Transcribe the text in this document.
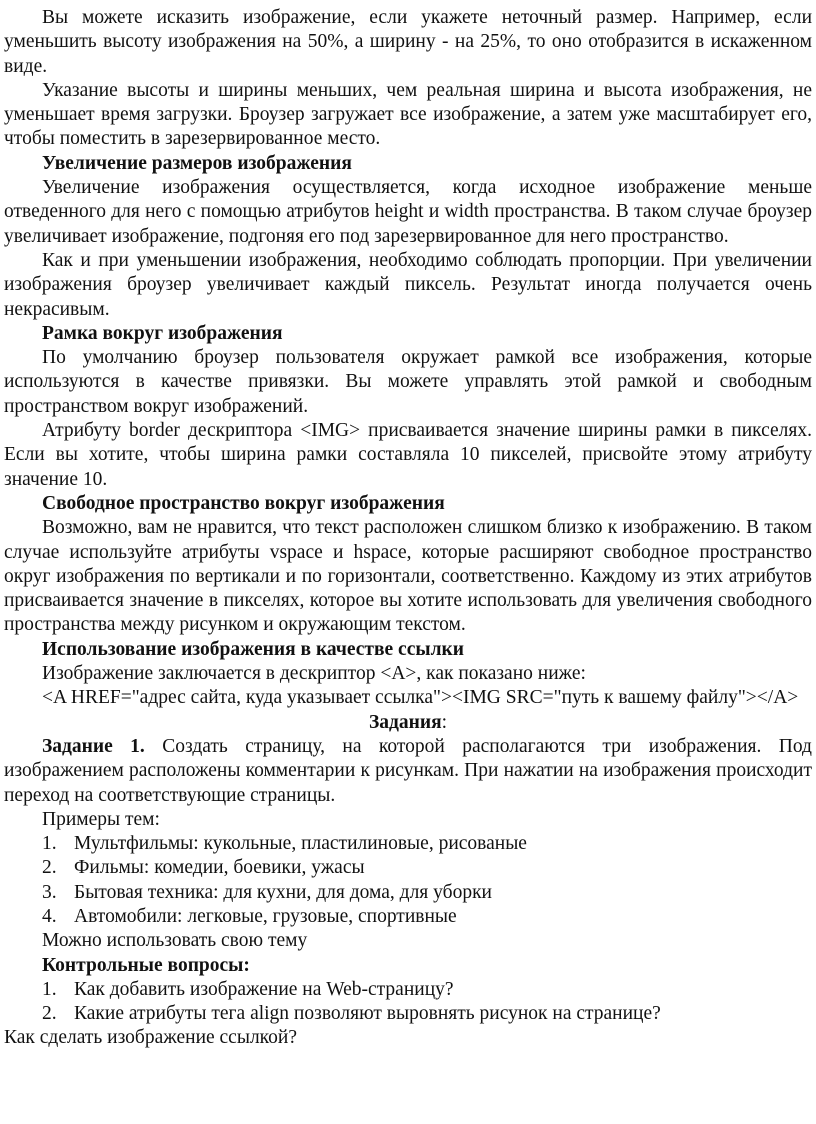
Вы можете исказить изображение, если укажете неточный размер. Например, если уменьшить высоту изображения на 50%, а ширину - на 25%, то оно отобразится в искаженном виде.

Указание высоты и ширины меньших, чем реальная ширина и высота изображения, не уменьшает время загрузки. Броузер загружает все изображение, а затем уже масштабирует его, чтобы поместить в зарезервированное место.

Увеличение размеров изображения

Увеличение изображения осуществляется, когда исходное изображение меньше отведенного для него с помощью атрибутов height и width пространства. В таком случае броузер увеличивает изображение, подгоняя его под зарезервированное для него пространство.

Как и при уменьшении изображения, необходимо соблюдать пропорции. При увеличении изображения броузер увеличивает каждый пиксель. Результат иногда получается очень некрасивым.

Рамка вокруг изображения

По умолчанию броузер пользователя окружает рамкой все изображения, которые используются в качестве привязки. Вы можете управлять этой рамкой и свободным пространством вокруг изображений.

Атрибуту border дескриптора <IMG> присваивается значение ширины рамки в пикселях. Если вы хотите, чтобы ширина рамки составляла 10 пикселей, присвойте этому атрибуту значение 10.

Свободное пространство вокруг изображения

Возможно, вам не нравится, что текст расположен слишком близко к изображению. В таком случае используйте атрибуты vspace и hspace, которые расширяют свободное пространство округ изображения по вертикали и по горизонтали, соответственно. Каждому из этих атрибутов присваивается значение в пикселях, которое вы хотите использовать для увеличения свободного пространства между рисунком и окружающим текстом.

Использование изображения в качестве ссылки

Изображение заключается в дескриптор <A>, как показано ниже:

<A HREF="адрес сайта, куда указывает ссылка"><IMG SRC="путь к вашему файлу"></A>

Задания:

Задание 1. Создать страницу, на которой располагаются три изображения. Под изображением расположены комментарии к рисункам. При нажатии на изображения происходит переход на соответствующие страницы.

Примеры тем:

1. Мультфильмы: кукольные, пластилиновые, рисованые
2. Фильмы: комедии, боевики, ужасы
3. Бытовая техника: для кухни, для дома, для уборки
4. Автомобили: легковые, грузовые, спортивные

Можно использовать свою тему

Контрольные вопросы:

1. Как добавить изображение на Web-страницу?
2. Какие атрибуты тега align позволяют выровнять рисунок на странице?

Как сделать изображение ссылкой?
